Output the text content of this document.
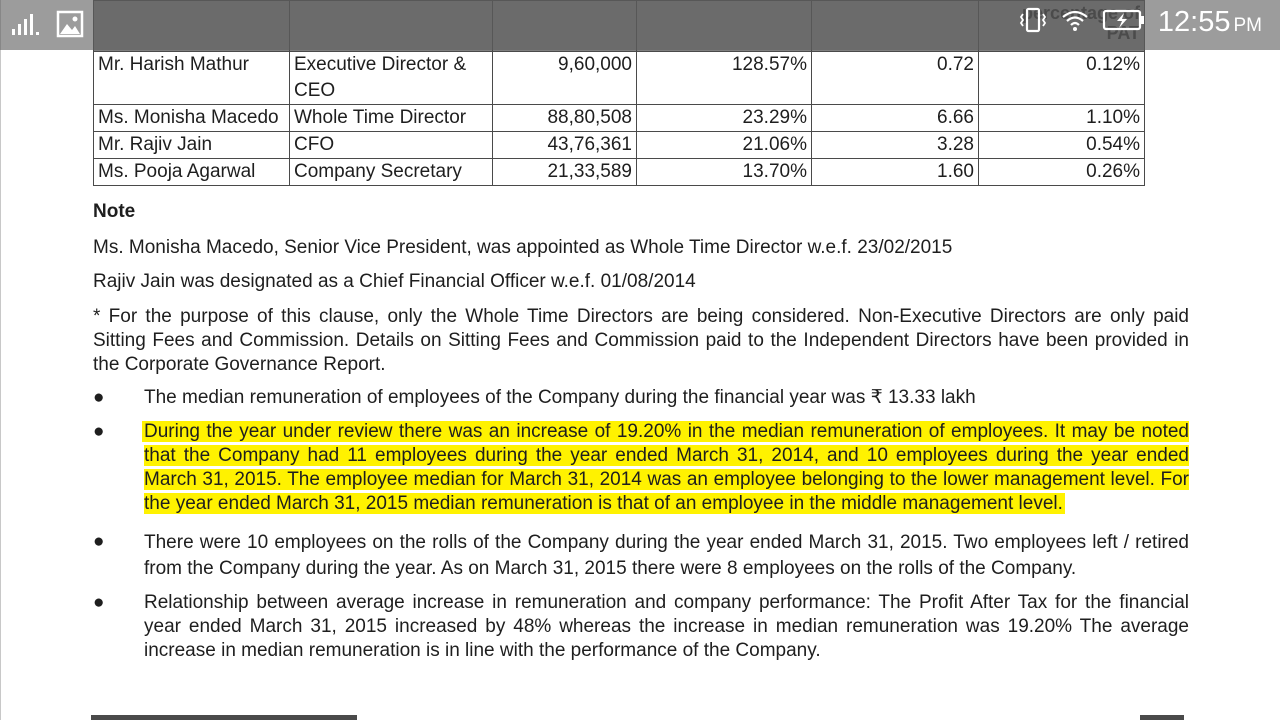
Mr. Harish Mathur	Executive Director & CEO	9,60,000	128.57%	0.72	0.12%
Ms. Monisha Macedo	Whole Time Director	88,80,508	23.29%	6.66	1.10%
Mr. Rajiv Jain	CFO	43,76,361	21.06%	3.28	0.54%
Ms. Pooja Agarwal	Company Secretary	21,33,589	13.70%	1.60	0.26%
12:55 PM
Note
Ms. Monisha Macedo, Senior Vice President, was appointed as Whole Time Director w.e.f. 23/02/2015
Rajiv Jain was designated as a Chief Financial Officer w.e.f. 01/08/2014
* For the purpose of this clause, only the Whole Time Directors are being considered. Non-Executive Directors are only paid Sitting Fees and Commission. Details on Sitting Fees and Commission paid to the Independent Directors have been provided in the Corporate Governance Report.
● The median remuneration of employees of the Company during the financial year was ₹ 13.33 lakh
● During the year under review there was an increase of 19.20% in the median remuneration of employees. It may be noted that the Company had 11 employees during the year ended March 31, 2014, and 10 employees during the year ended March 31, 2015. The employee median for March 31, 2014 was an employee belonging to the lower management level. For the year ended March 31, 2015 median remuneration is that of an employee in the middle management level.
● There were 10 employees on the rolls of the Company during the year ended March 31, 2015. Two employees left / retired from the Company during the year. As on March 31, 2015 there were 8 employees on the rolls of the Company.
● Relationship between average increase in remuneration and company performance: The Profit After Tax for the financial year ended March 31, 2015 increased by 48% whereas the increase in median remuneration was 19.20% The average increase in median remuneration is in line with the performance of the Company.
